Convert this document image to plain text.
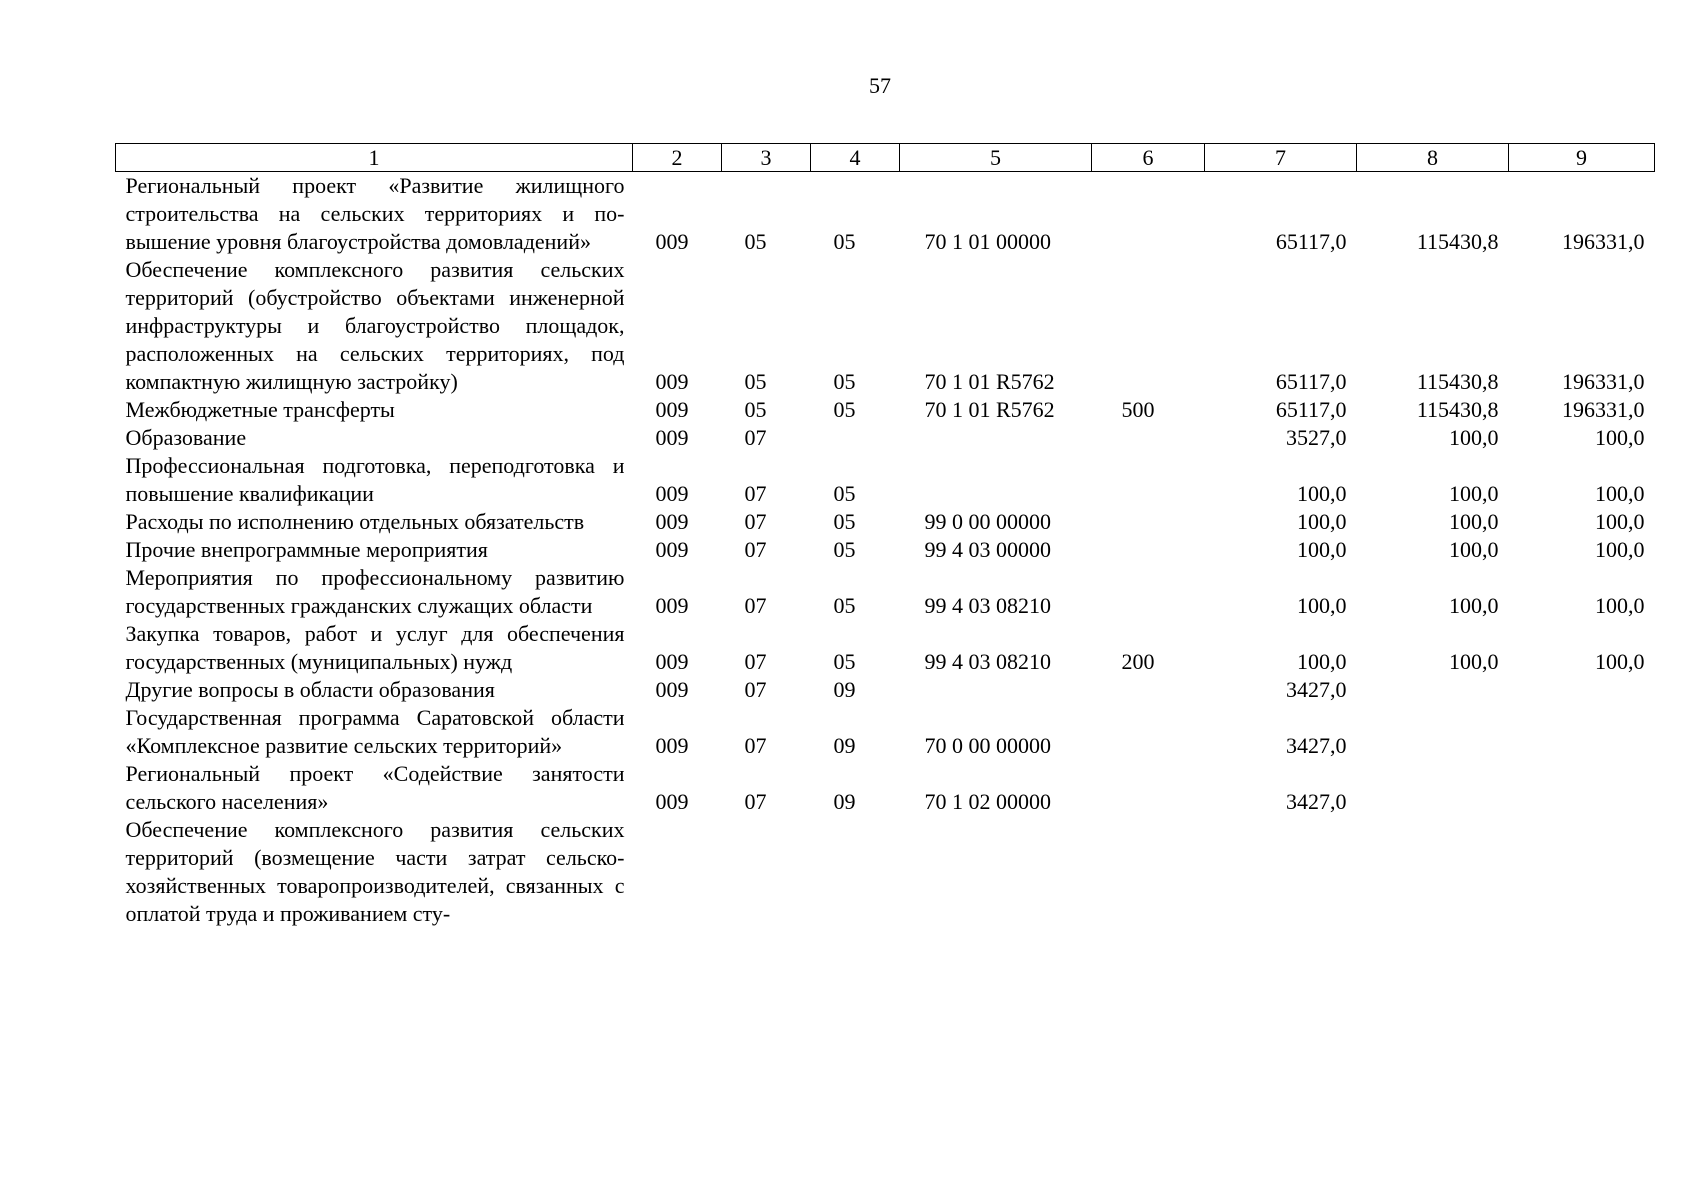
57
1	2	3	4	5	6	7	8	9
Региональный проект «Развитие жилищного строительства на сельских территориях и повышение уровня благоустройства домовладений»	009	05	05	70 1 01 00000		65117,0	115430,8	196331,0
Обеспечение комплексного развития сельских территорий (обустройство объектами инженерной инфраструктуры и благоустройство площадок, расположенных на сельских территориях, под компактную жилищную застройку)	009	05	05	70 1 01 R5762		65117,0	115430,8	196331,0
Межбюджетные трансферты	009	05	05	70 1 01 R5762	500	65117,0	115430,8	196331,0
Образование	009	07				3527,0	100,0	100,0
Профессиональная подготовка, переподготовка и повышение квалификации	009	07	05			100,0	100,0	100,0
Расходы по исполнению отдельных обязательств	009	07	05	99 0 00 00000		100,0	100,0	100,0
Прочие внепрограммные мероприятия	009	07	05	99 4 03 00000		100,0	100,0	100,0
Мероприятия по профессиональному развитию государственных гражданских служащих области	009	07	05	99 4 03 08210		100,0	100,0	100,0
Закупка товаров, работ и услуг для обеспечения государственных (муниципальных) нужд	009	07	05	99 4 03 08210	200	100,0	100,0	100,0
Другие вопросы в области образования	009	07	09			3427,0		
Государственная программа Саратовской области «Комплексное развитие сельских территорий»	009	07	09	70 0 00 00000		3427,0		
Региональный проект «Содействие занятости сельского населения»	009	07	09	70 1 02 00000		3427,0		
Обеспечение комплексного развития сельских территорий (возмещение части затрат сельскохозяйственных товаропроизводителей, связанных с оплатой труда и проживанием сту-								
